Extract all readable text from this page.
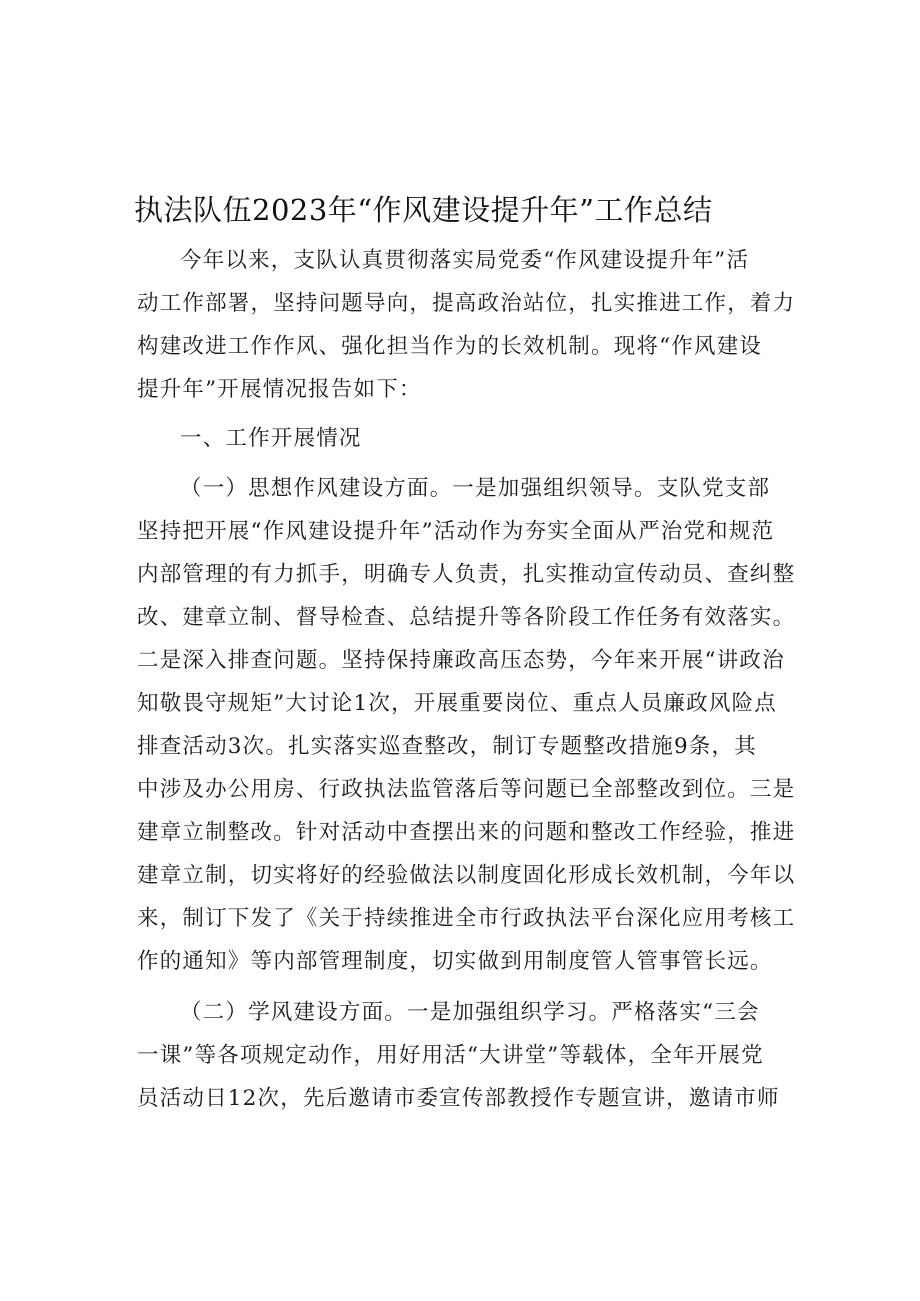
执法队伍2023年“作风建设提升年”工作总结
今年以来，支队认真贯彻落实局党委“作风建设提升年”活
动工作部署，坚持问题导向，提高政治站位，扎实推进工作，着力
构建改进工作作风、强化担当作为的长效机制。现将“作风建设
提升年”开展情况报告如下：
一、工作开展情况
（一）思想作风建设方面。一是加强组织领导。支队党支部
坚持把开展“作风建设提升年”活动作为夯实全面从严治党和规范
内部管理的有力抓手，明确专人负责，扎实推动宣传动员、查纠整
改、建章立制、督导检查、总结提升等各阶段工作任务有效落实。
二是深入排查问题。坚持保持廉政高压态势，今年来开展“讲政治
知敬畏守规矩”大讨论1次，开展重要岗位、重点人员廉政风险点
排查活动3次。扎实落实巡查整改，制订专题整改措施9条，其
中涉及办公用房、行政执法监管落后等问题已全部整改到位。三是
建章立制整改。针对活动中查摆出来的问题和整改工作经验，推进
建章立制，切实将好的经验做法以制度固化形成长效机制，今年以
来，制订下发了《关于持续推进全市行政执法平台深化应用考核工
作的通知》等内部管理制度，切实做到用制度管人管事管长远。
（二）学风建设方面。一是加强组织学习。严格落实“三会
一课”等各项规定动作，用好用活“大讲堂”等载体，全年开展党
员活动日12次，先后邀请市委宣传部教授作专题宣讲，邀请市师
